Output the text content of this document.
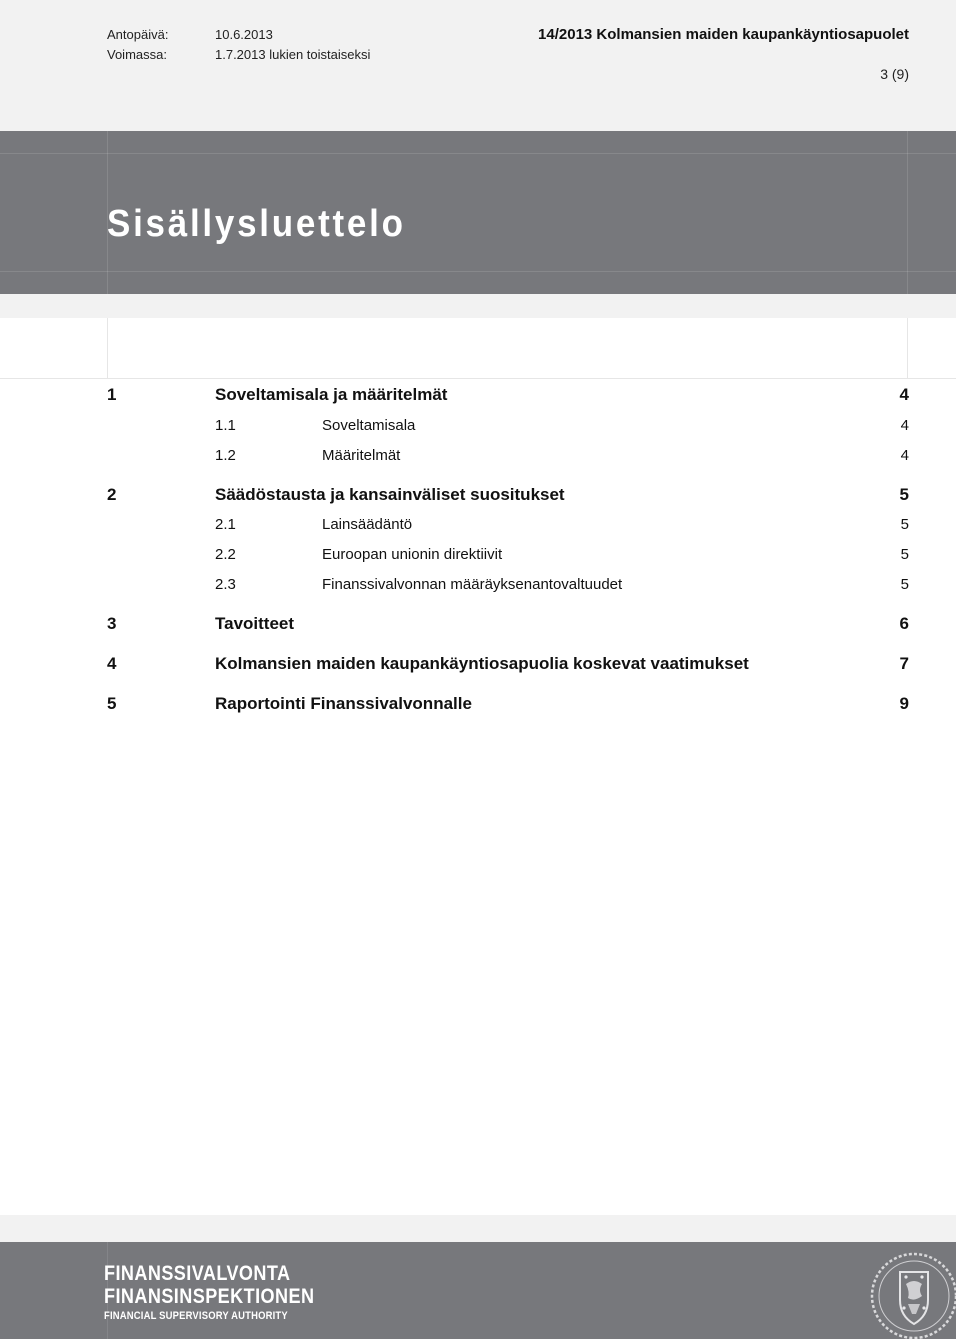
Antopäivä:	10.6.2013
Voimassa:	1.7.2013 lukien toistaiseksi
14/2013 Kolmansien maiden kaupankäyntiosapuolet
3 (9)
Sisällysluettelo
1	Soveltamisala ja määritelmät	4
1.1	Soveltamisala	4
1.2	Määritelmät	4
2	Säädöstausta ja kansainväliset suositukset	5
2.1	Lainsäädäntö	5
2.2	Euroopan unionin direktiivit	5
2.3	Finanssivalvonnan määräyksenantovaltuudet	5
3	Tavoitteet	6
4	Kolmansien maiden kaupankäyntiosapuolia koskevat vaatimukset	7
5	Raportointi Finanssivalvonnalle	9
FINANSSIVALVONTA
FINANSINSPEKTIONEN
FINANCIAL SUPERVISORY AUTHORITY
